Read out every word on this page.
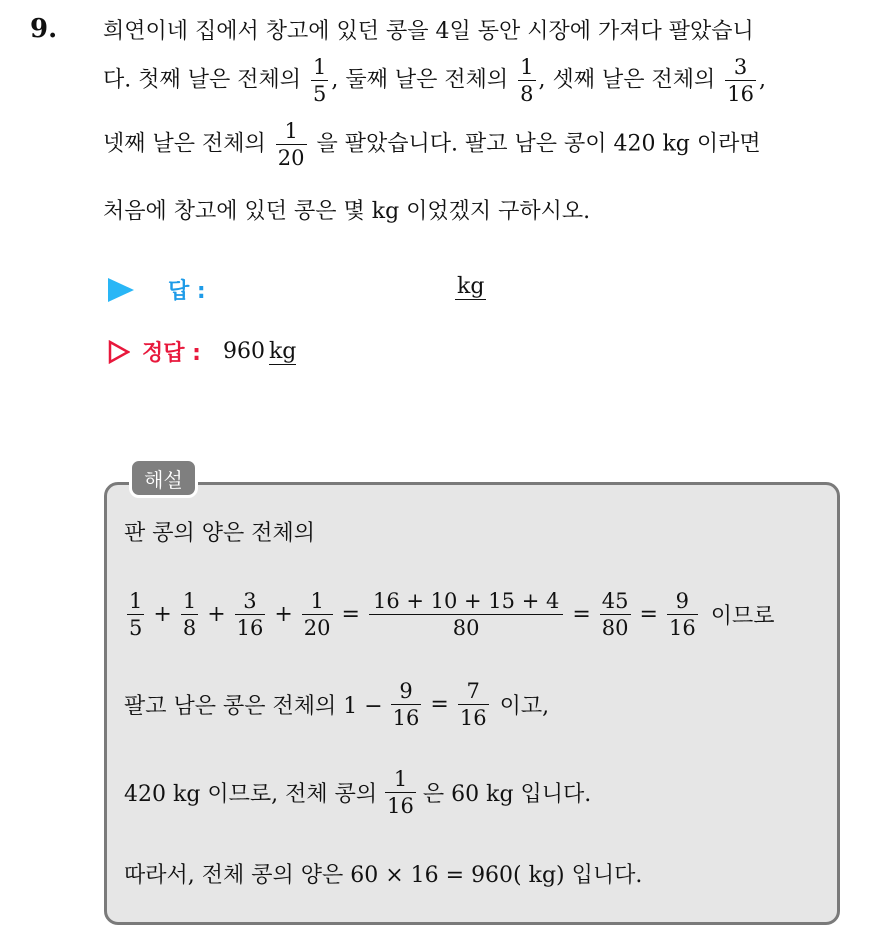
9. 희연이네 집에서 창고에 있던 콩을 4일 동안 시장에 가져다 팔았습니
다. 첫째 날은 전체의 $\frac{1}{5}$ , 둘째 날은 전체의 $\frac{1}{8}$ , 셋째 날은 전체의 $\frac{3}{16}$ ,
넷째 날은 전체의 $\frac{1}{20}$ 을 팔았습니다. 팔고 남은 콩이 420 kg 이라면
처음에 창고에 있던 콩은 몇 kg 이었겠지 구하시오.
답 :	kg
정답 : 960 kg
해설
판 콩의 양은 전체의
$\frac{1}{5} + \frac{1}{8} + \frac{3}{16} + \frac{1}{20} = \frac{16 + 10 + 15 + 4}{80} = \frac{45}{80} = \frac{9}{16}$ 이므로
팔고 남은 콩은 전체의 $1 - \frac{9}{16} = \frac{7}{16}$ 이고,
420 kg 이므로, 전체 콩의 $\frac{1}{16}$ 은 60 kg 입니다.
따라서, 전체 콩의 양은 60 × 16 = 960( kg) 입니다.
